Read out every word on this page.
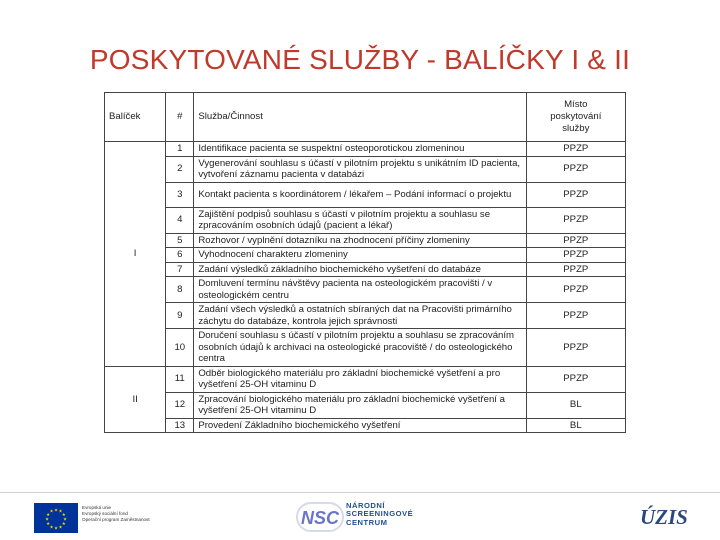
POSKYTOVANÉ SLUŽBY - BALÍČKY I & II
Balíček	#	Služba/Činnost	Místo
poskytování
služby

I	1	Identifikace pacienta se suspektní osteoporotickou zlomeninou	PPZP
	2	Vygenerování souhlasu s účastí v pilotním projektu s unikátním ID pacienta, vytvoření záznamu pacienta v databázi	PPZP
	3	Kontakt pacienta s koordinátorem / lékařem – Podání informací o projektu	PPZP
	4	Zajištění podpisů souhlasu s účastí v pilotním projektu a souhlasu se zpracováním osobních údajů (pacient a lékař)	PPZP
	5	Rozhovor / vyplnění dotazníku na zhodnocení příčiny zlomeniny	PPZP
	6	Vyhodnocení charakteru zlomeniny	PPZP
	7	Zadání výsledků základního biochemického vyšetření do databáze	PPZP
	8	Domluvení termínu návštěvy pacienta na osteologickém pracovišti / v osteologickém centru	PPZP
	9	Zadání všech výsledků a ostatních sbíraných dat na Pracovišti primárního záchytu do databáze, kontrola jejich správnosti	PPZP
	10	Doručení souhlasu s účastí v pilotním projektu a souhlasu se zpracováním osobních údajů k archivaci na osteologické pracoviště / do osteologického centra	PPZP
II	11	Odběr biologického materiálu pro základní biochemické vyšetření a pro vyšetření 25-OH vitaminu D	PPZP
	12	Zpracování biologického materiálu pro základní biochemické vyšetření a vyšetření 25-OH vitaminu D	BL
	13	Provedení Základního biochemického vyšetření	BL
★
★
★
★
★
★
★
★
★ ★ ★
★
Evropská unie
Evropský sociální fond
Operační program Zaměstnanost	NSC
NÁRODNÍ
SCREENINGOVÉ
CENTRUM	ÚZIS
